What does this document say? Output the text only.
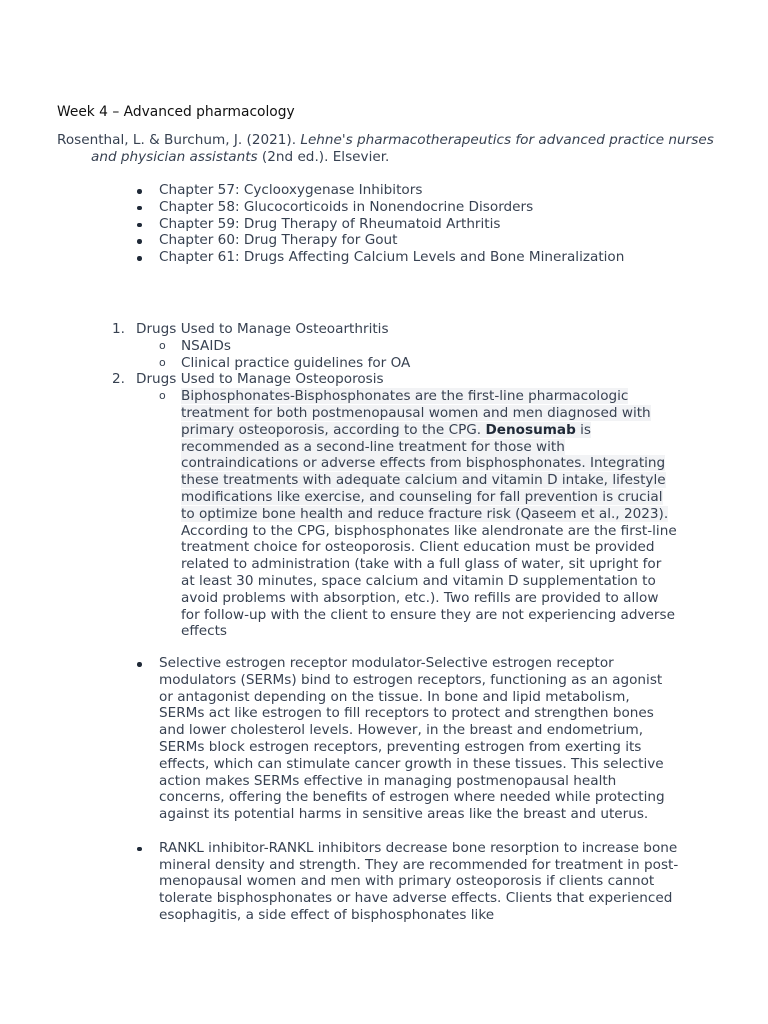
Week 4 – Advanced pharmacology
Rosenthal, L. & Burchum, J. (2021). Lehne's pharmacotherapeutics for advanced practice nurses and physician assistants (2nd ed.). Elsevier.
Chapter 57: Cyclooxygenase Inhibitors
Chapter 58: Glucocorticoids in Nonendocrine Disorders
Chapter 59: Drug Therapy of Rheumatoid Arthritis
Chapter 60: Drug Therapy for Gout
Chapter 61: Drugs Affecting Calcium Levels and Bone Mineralization
1. Drugs Used to Manage Osteoarthritis
o NSAIDs
o Clinical practice guidelines for OA
2. Drugs Used to Manage Osteoporosis
o Biphosphonates-Bisphosphonates are the first-line pharmacologic treatment for both postmenopausal women and men diagnosed with primary osteoporosis, according to the CPG. Denosumab is recommended as a second-line treatment for those with contraindications or adverse effects from bisphosphonates. Integrating these treatments with adequate calcium and vitamin D intake, lifestyle modifications like exercise, and counseling for fall prevention is crucial to optimize bone health and reduce fracture risk (Qaseem et al., 2023). According to the CPG, bisphosphonates like alendronate are the first-line treatment choice for osteoporosis. Client education must be provided related to administration (take with a full glass of water, sit upright for at least 30 minutes, space calcium and vitamin D supplementation to avoid problems with absorption, etc.). Two refills are provided to allow for follow-up with the client to ensure they are not experiencing adverse effects
Selective estrogen receptor modulator-Selective estrogen receptor modulators (SERMs) bind to estrogen receptors, functioning as an agonist or antagonist depending on the tissue. In bone and lipid metabolism, SERMs act like estrogen to fill receptors to protect and strengthen bones and lower cholesterol levels. However, in the breast and endometrium, SERMs block estrogen receptors, preventing estrogen from exerting its effects, which can stimulate cancer growth in these tissues. This selective action makes SERMs effective in managing postmenopausal health concerns, offering the benefits of estrogen where needed while protecting against its potential harms in sensitive areas like the breast and uterus.
RANKL inhibitor-RANKL inhibitors decrease bone resorption to increase bone mineral density and strength. They are recommended for treatment in post-menopausal women and men with primary osteoporosis if clients cannot tolerate bisphosphonates or have adverse effects. Clients that experienced esophagitis, a side effect of bisphosphonates like
